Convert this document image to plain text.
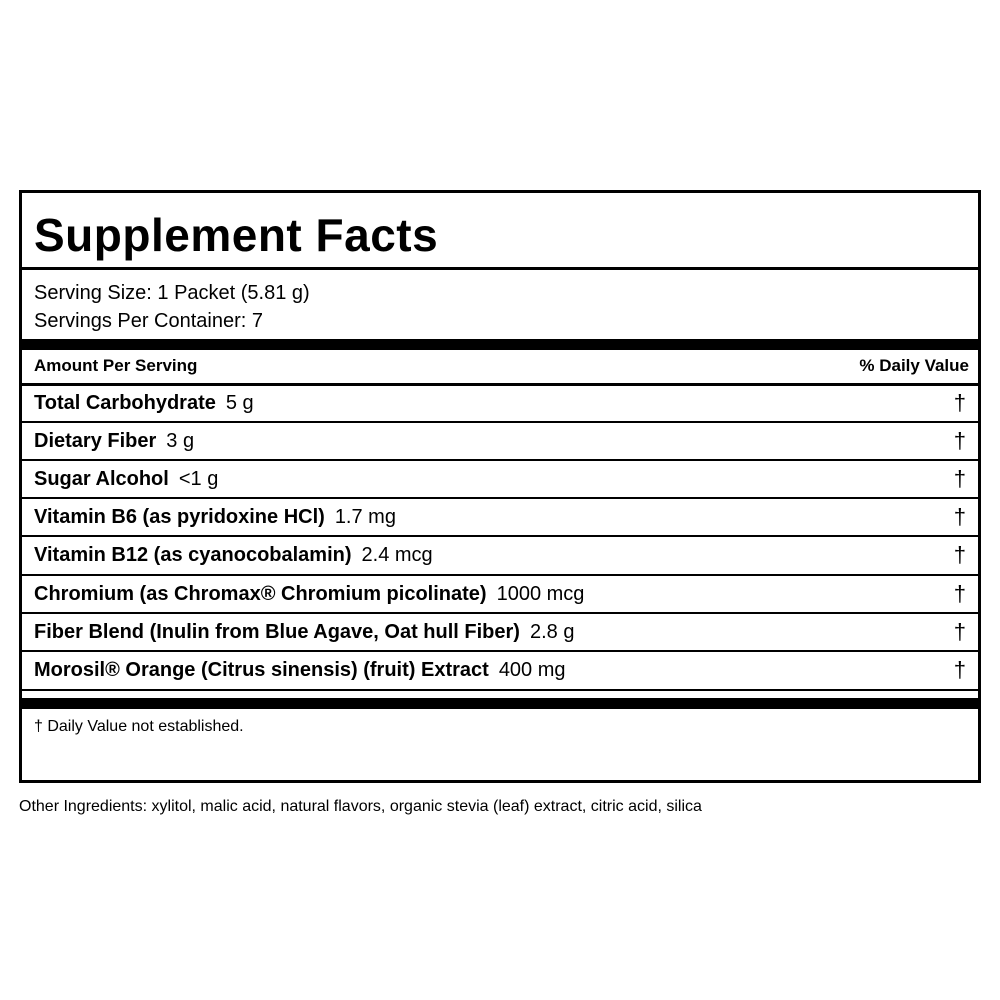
Supplement Facts
Serving Size: 1 Packet (5.81 g)
Servings Per Container: 7
Amount Per Serving	% Daily Value
Total Carbohydrate 5 g	†
Dietary Fiber 3 g	†
Sugar Alcohol <1 g	†
Vitamin B6 (as pyridoxine HCl) 1.7 mg	†
Vitamin B12 (as cyanocobalamin) 2.4 mcg	†
Chromium (as Chromax® Chromium picolinate) 1000 mcg	†
Fiber Blend (Inulin from Blue Agave, Oat hull Fiber) 2.8 g	†
Morosil® Orange (Citrus sinensis) (fruit) Extract 400 mg	†
† Daily Value not established.
Other Ingredients: xylitol, malic acid, natural flavors, organic stevia (leaf) extract, citric acid, silica
